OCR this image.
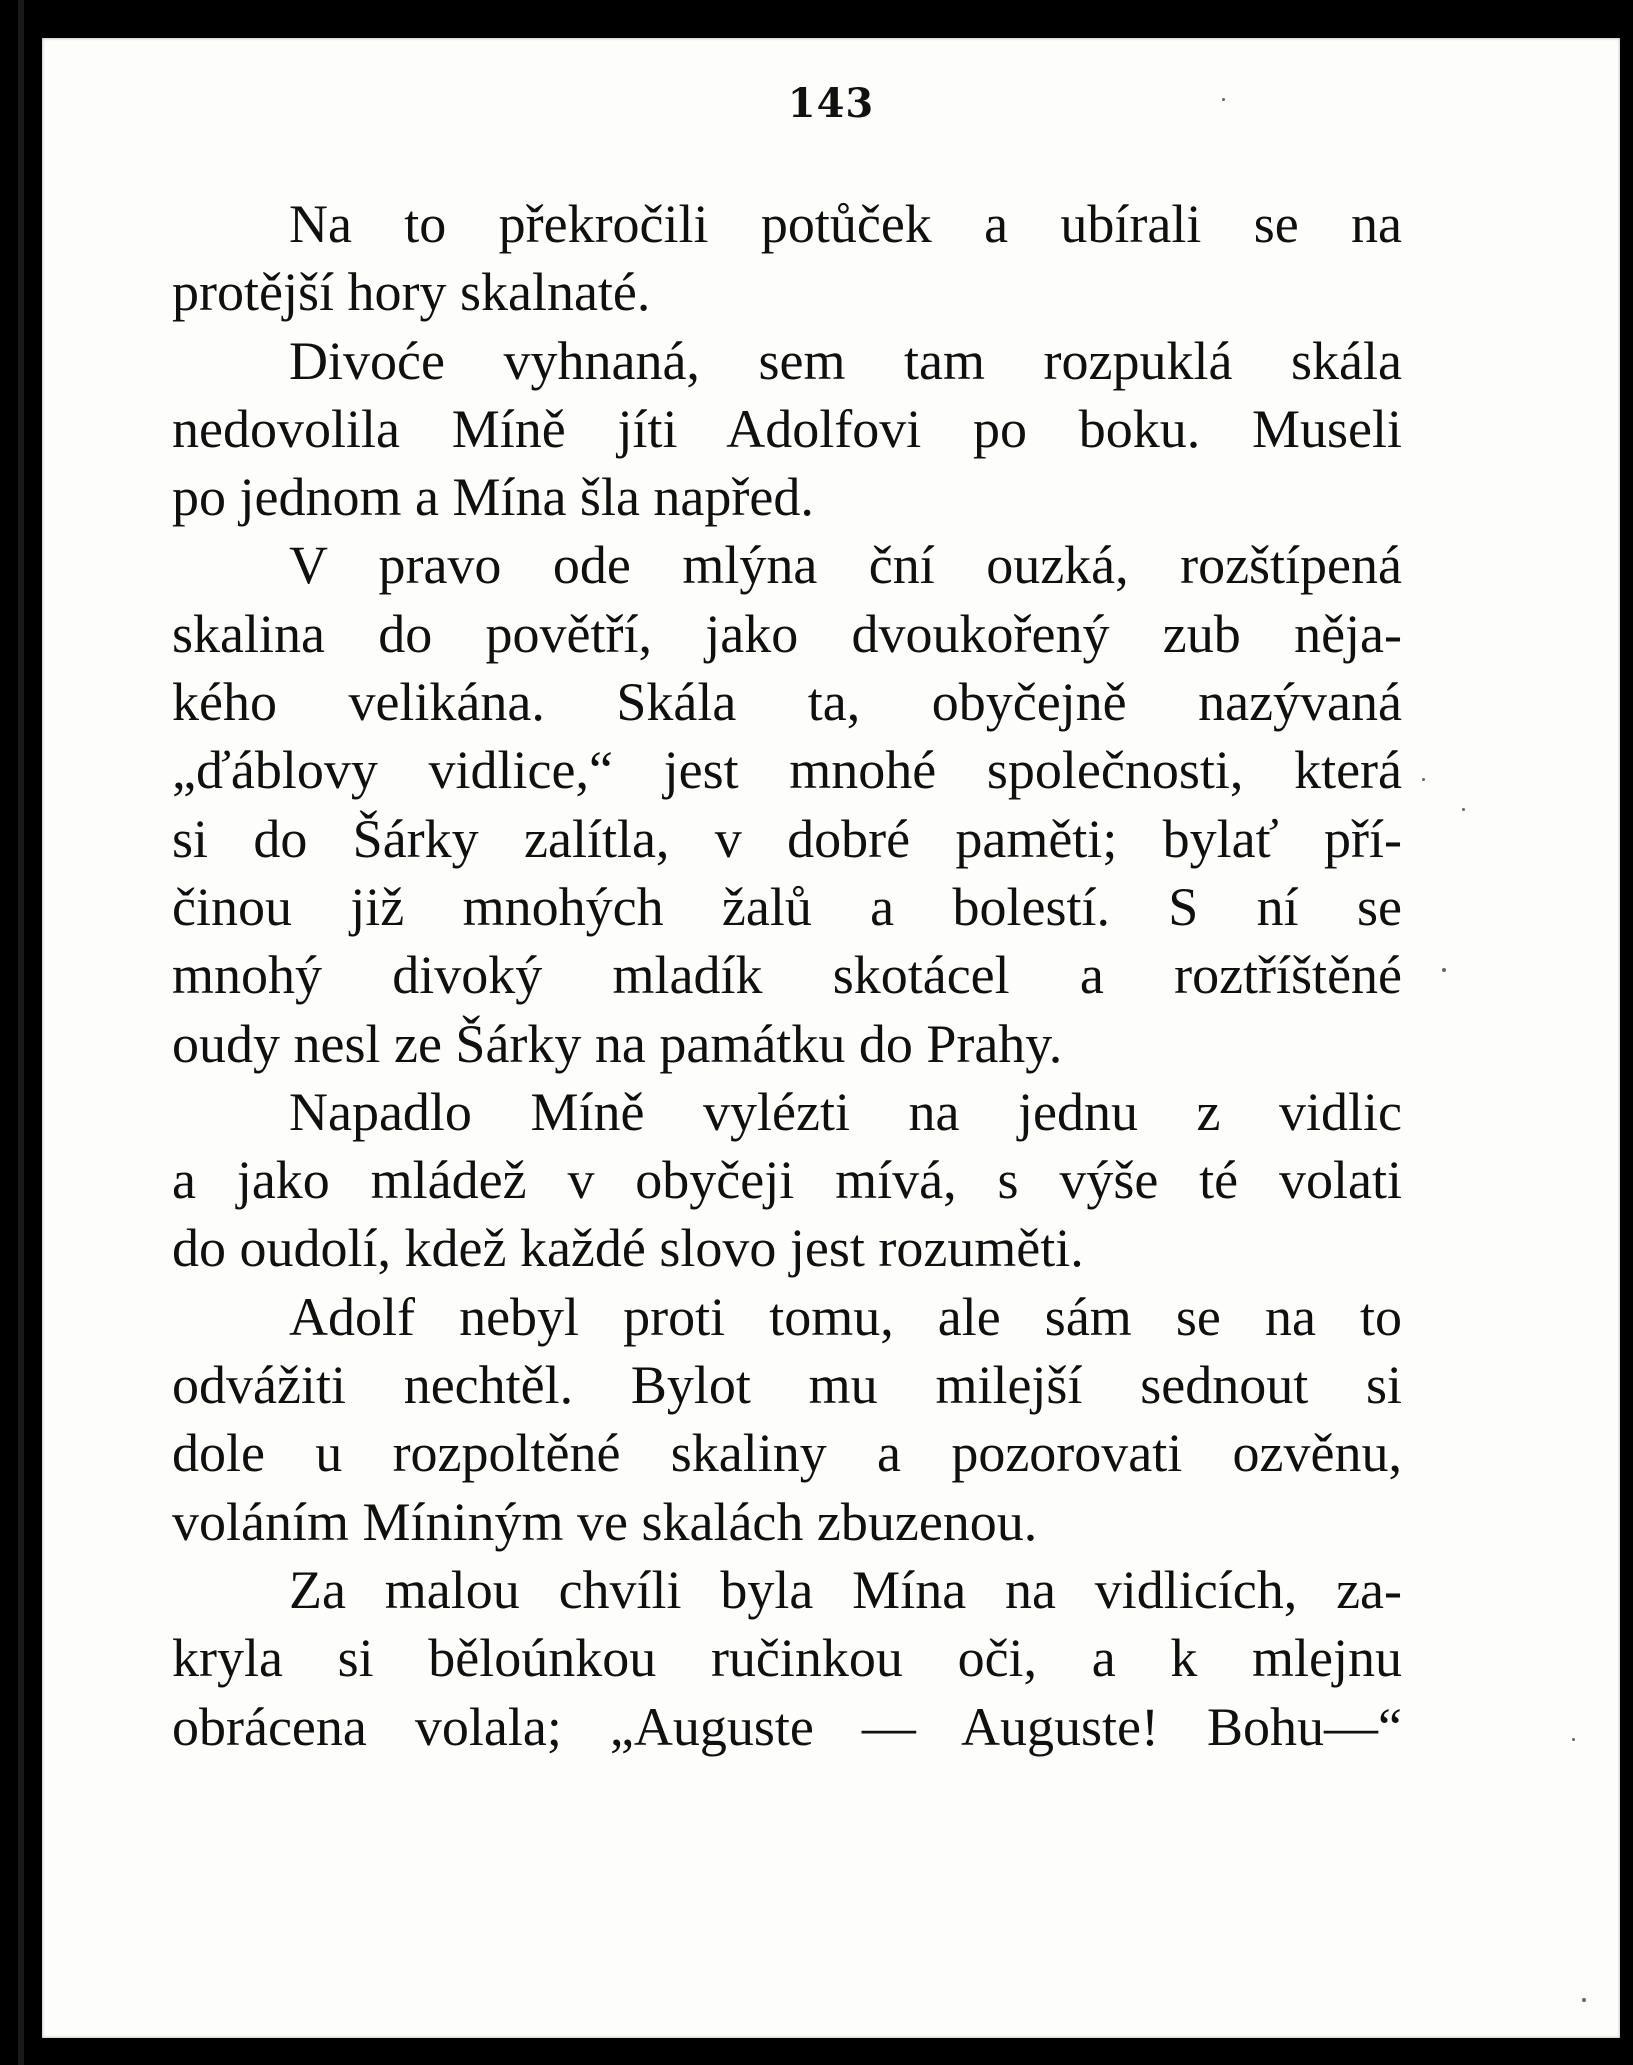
143
Na to překročili potůček a ubírali se na
protější hory skalnaté.
Divoće vyhnaná, sem tam rozpuklá skála
nedovolila Míně jíti Adolfovi po boku. Museli
po jednom a Mína šla napřed.
V pravo ode mlýna ční ouzká, rozštípená
skalina do povětří, jako dvoukořený zub něja-
kého velikána. Skála ta, obyčejně nazývaná
„ďáblovy vidlice,“ jest mnohé společnosti, která
si do Šárky zalítla, v dobré paměti; bylať pří-
činou již mnohých žalů a bolestí. S ní se
mnohý divoký mladík skotácel a roztříštěné
oudy nesl ze Šárky na památku do Prahy.
Napadlo Míně vylézti na jednu z vidlic
a jako mládež v obyčeji mívá, s výše té volati
do oudolí, kdež každé slovo jest rozuměti.
Adolf nebyl proti tomu, ale sám se na to
odvážiti nechtěl. Bylot mu milejší sednout si
dole u rozpoltěné skaliny a pozorovati ozvěnu,
voláním Míniným ve skalách zbuzenou.
Za malou chvíli byla Mína na vidlicích, za-
kryla si běloúnkou ručinkou oči, a k mlejnu
obrácena volala; „Auguste — Auguste! Bohu—“
